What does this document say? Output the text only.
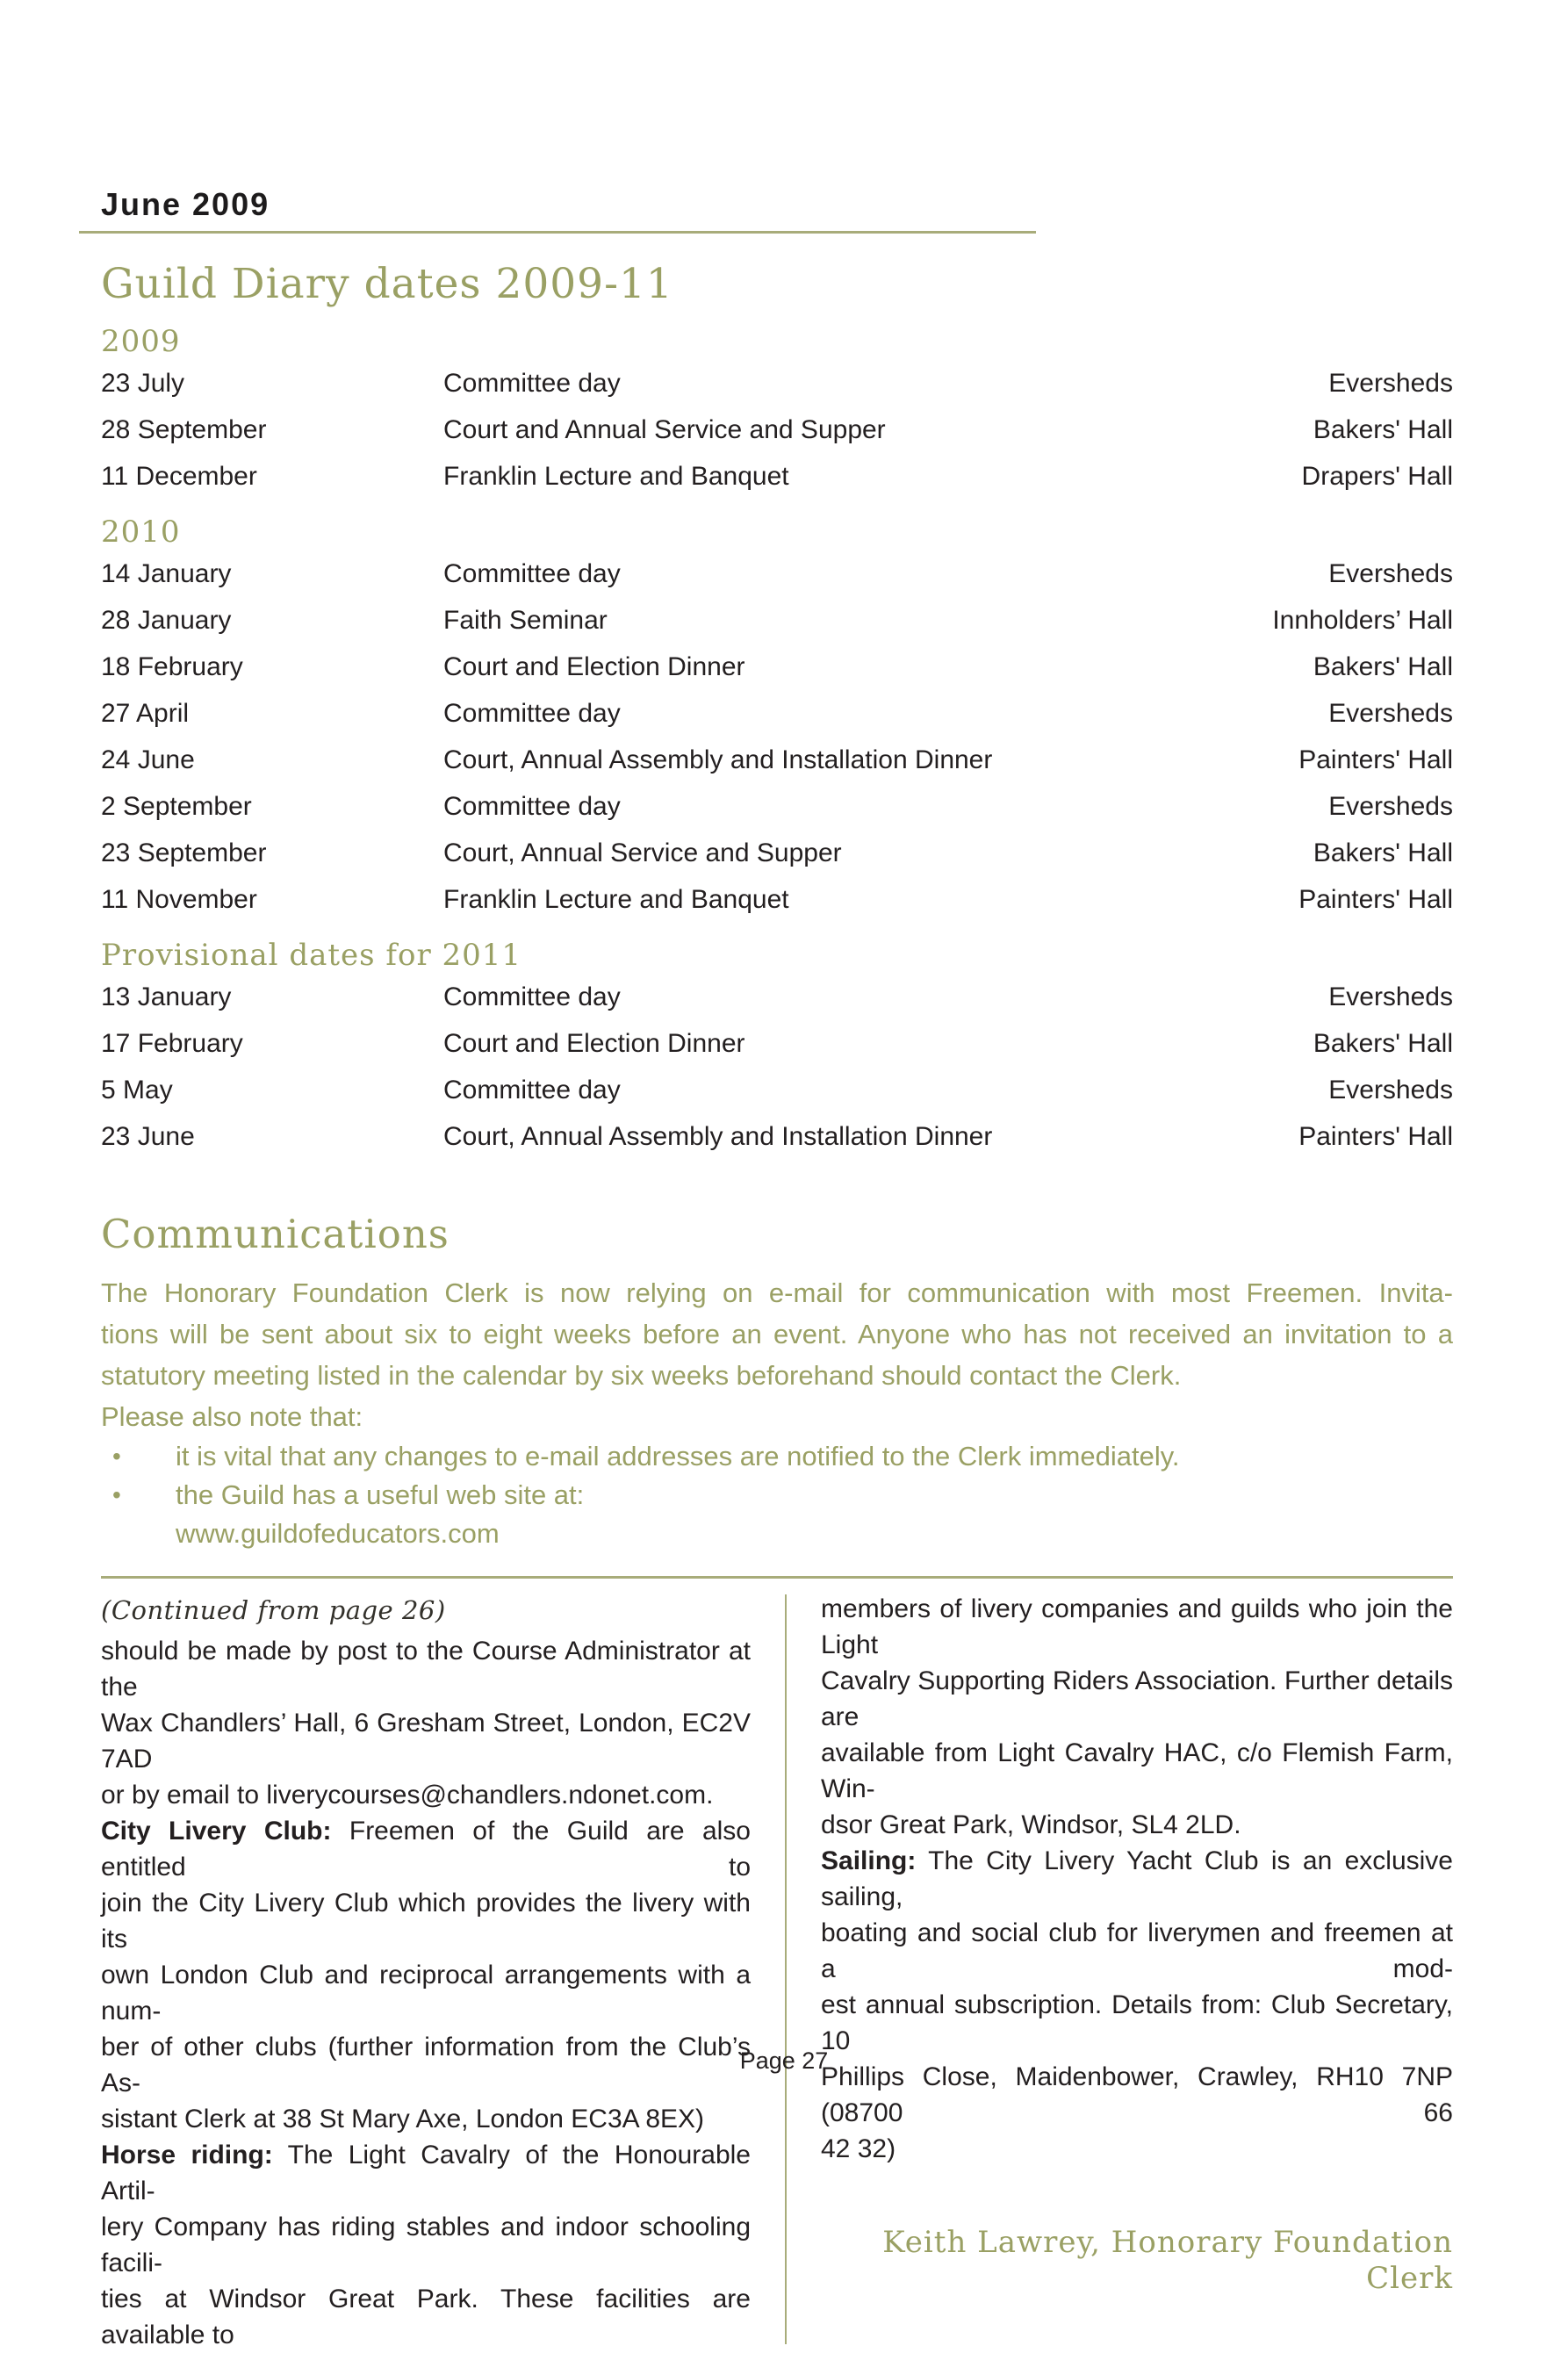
June 2009
Guild Diary dates 2009-11
2009
23 July	Committee day	Eversheds
28 September	Court and Annual Service and Supper	Bakers' Hall
11 December	Franklin Lecture and Banquet	Drapers' Hall
2010
14 January	Committee day	Eversheds
28 January	Faith Seminar	Innholders’ Hall
18 February	Court and Election Dinner	Bakers' Hall
27 April	Committee day	Eversheds
24 June	Court, Annual Assembly and Installation Dinner	Painters' Hall
2 September	Committee day	Eversheds
23 September	Court, Annual Service and Supper	Bakers' Hall
11 November	Franklin Lecture and Banquet	Painters' Hall
Provisional dates for 2011
13 January	Committee day	Eversheds
17 February	Court and Election Dinner	Bakers' Hall
5 May	Committee day	Eversheds
23 June	Court, Annual Assembly and Installation Dinner	Painters' Hall
Communications
The Honorary Foundation Clerk is now relying on e-mail for communication with most Freemen. Invita-
tions will be sent about six to eight weeks before an event. Anyone who has not received an invitation to a
statutory meeting listed in the calendar by six weeks beforehand should contact the Clerk.
Please also note that:
•	it is vital that any changes to e-mail addresses are notified to the Clerk immediately.
•	the Guild has a useful web site at:
www.guildofeducators.com
(Continued from page 26)
should be made by post to the Course Administrator at the
Wax Chandlers’ Hall, 6 Gresham Street, London, EC2V 7AD
or by email to liverycourses@chandlers.ndonet.com.
City Livery Club: Freemen of the Guild are also entitled to
join the City Livery Club which provides the livery with its
own London Club and reciprocal arrangements with a num-
ber of other clubs (further information from the Club’s As-
sistant Clerk at 38 St Mary Axe, London EC3A 8EX)
Horse riding: The Light Cavalry of the Honourable Artil-
lery Company has riding stables and indoor schooling facili-
ties at Windsor Great Park. These facilities are available to
members of livery companies and guilds who join the Light
Cavalry Supporting Riders Association. Further details are
available from Light Cavalry HAC, c/o Flemish Farm, Win-
dsor Great Park, Windsor, SL4 2LD.
Sailing: The City Livery Yacht Club is an exclusive sailing,
boating and social club for liverymen and freemen at a mod-
est annual subscription. Details from: Club Secretary, 10
Phillips Close, Maidenbower, Crawley, RH10 7NP (08700 66
42 32)
Keith Lawrey, Honorary Foundation Clerk
Page 27
